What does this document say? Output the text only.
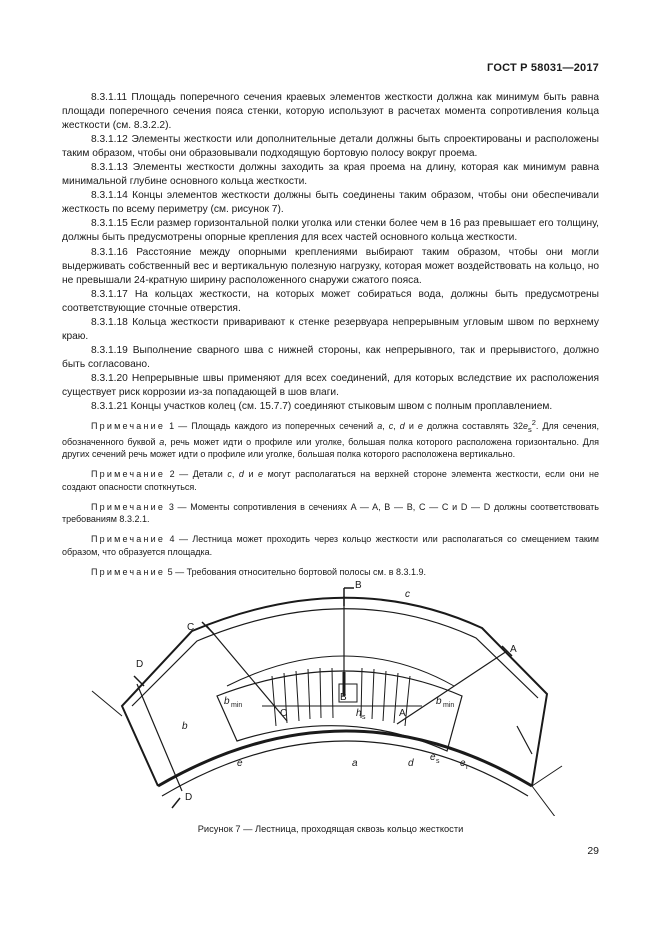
ГОСТ Р 58031—2017

8.3.1.11 Площадь поперечного сечения краевых элементов жесткости должна как минимум быть равна площади поперечного сечения пояса стенки, которую используют в расчетах момента сопротивления кольца жесткости (см. 8.3.2.2).

8.3.1.12 Элементы жесткости или дополнительные детали должны быть спроектированы и расположены таким образом, чтобы они образовывали подходящую бортовую полосу вокруг проема.

8.3.1.13 Элементы жесткости должны заходить за края проема на длину, которая как минимум равна минимальной глубине основного кольца жесткости.

8.3.1.14 Концы элементов жесткости должны быть соединены таким образом, чтобы они обеспечивали жесткость по всему периметру (см. рисунок 7).

8.3.1.15 Если размер горизонтальной полки уголка или стенки более чем в 16 раз превышает его толщину, должны быть предусмотрены опорные крепления для всех частей основного кольца жесткости.

8.3.1.16 Расстояние между опорными креплениями выбирают таким образом, чтобы они могли выдерживать собственный вес и вертикальную полезную нагрузку, которая может воздействовать на кольцо, но не превышали 24-кратную ширину расположенного снаружи сжатого пояса.

8.3.1.17 На кольцах жесткости, на которых может собираться вода, должны быть предусмотрены соответствующие сточные отверстия.

8.3.1.18 Кольца жесткости приваривают к стенке резервуара непрерывным угловым швом по верхнему краю.

8.3.1.19 Выполнение сварного шва с нижней стороны, как непрерывного, так и прерывистого, должно быть согласовано.

8.3.1.20 Непрерывные швы применяют для всех соединений, для которых вследствие их расположения существует риск коррозии из-за попадающей в шов влаги.

8.3.1.21 Концы участков колец (см. 15.7.7) соединяют стыковым швом с полным проплавлением.

Примечание 1 — Площадь каждого из поперечных сечений a, c, d и e должна составлять $32e_s^2$. Для сечения, обозначенного буквой a, речь может идти о профиле или уголке, большая полка которого расположена горизонтально. Для других сечений речь может идти о профиле или уголке, большая полка которого расположена вертикально.

Примечание 2 — Детали c, d и e могут располагаться на верхней стороне элемента жесткости, если они не создают опасности споткнуться.

Примечание 3 — Моменты сопротивления в сечениях A — A, B — B, C — C и D — D должны соответствовать требованиям 8.3.2.1.

Примечание 4 — Лестница может проходить через кольцо жесткости или располагаться со смещением таким образом, что образуется площадка.

Примечание 5 — Требования относительно бортовой полосы см. в 8.3.1.9.

B
c
C
A
D
b
b min
C
B
h s	A
b min
e	a	d
e s e r
D
Рисунок 7 — Лестница, проходящая сквозь кольцо жесткости
29
